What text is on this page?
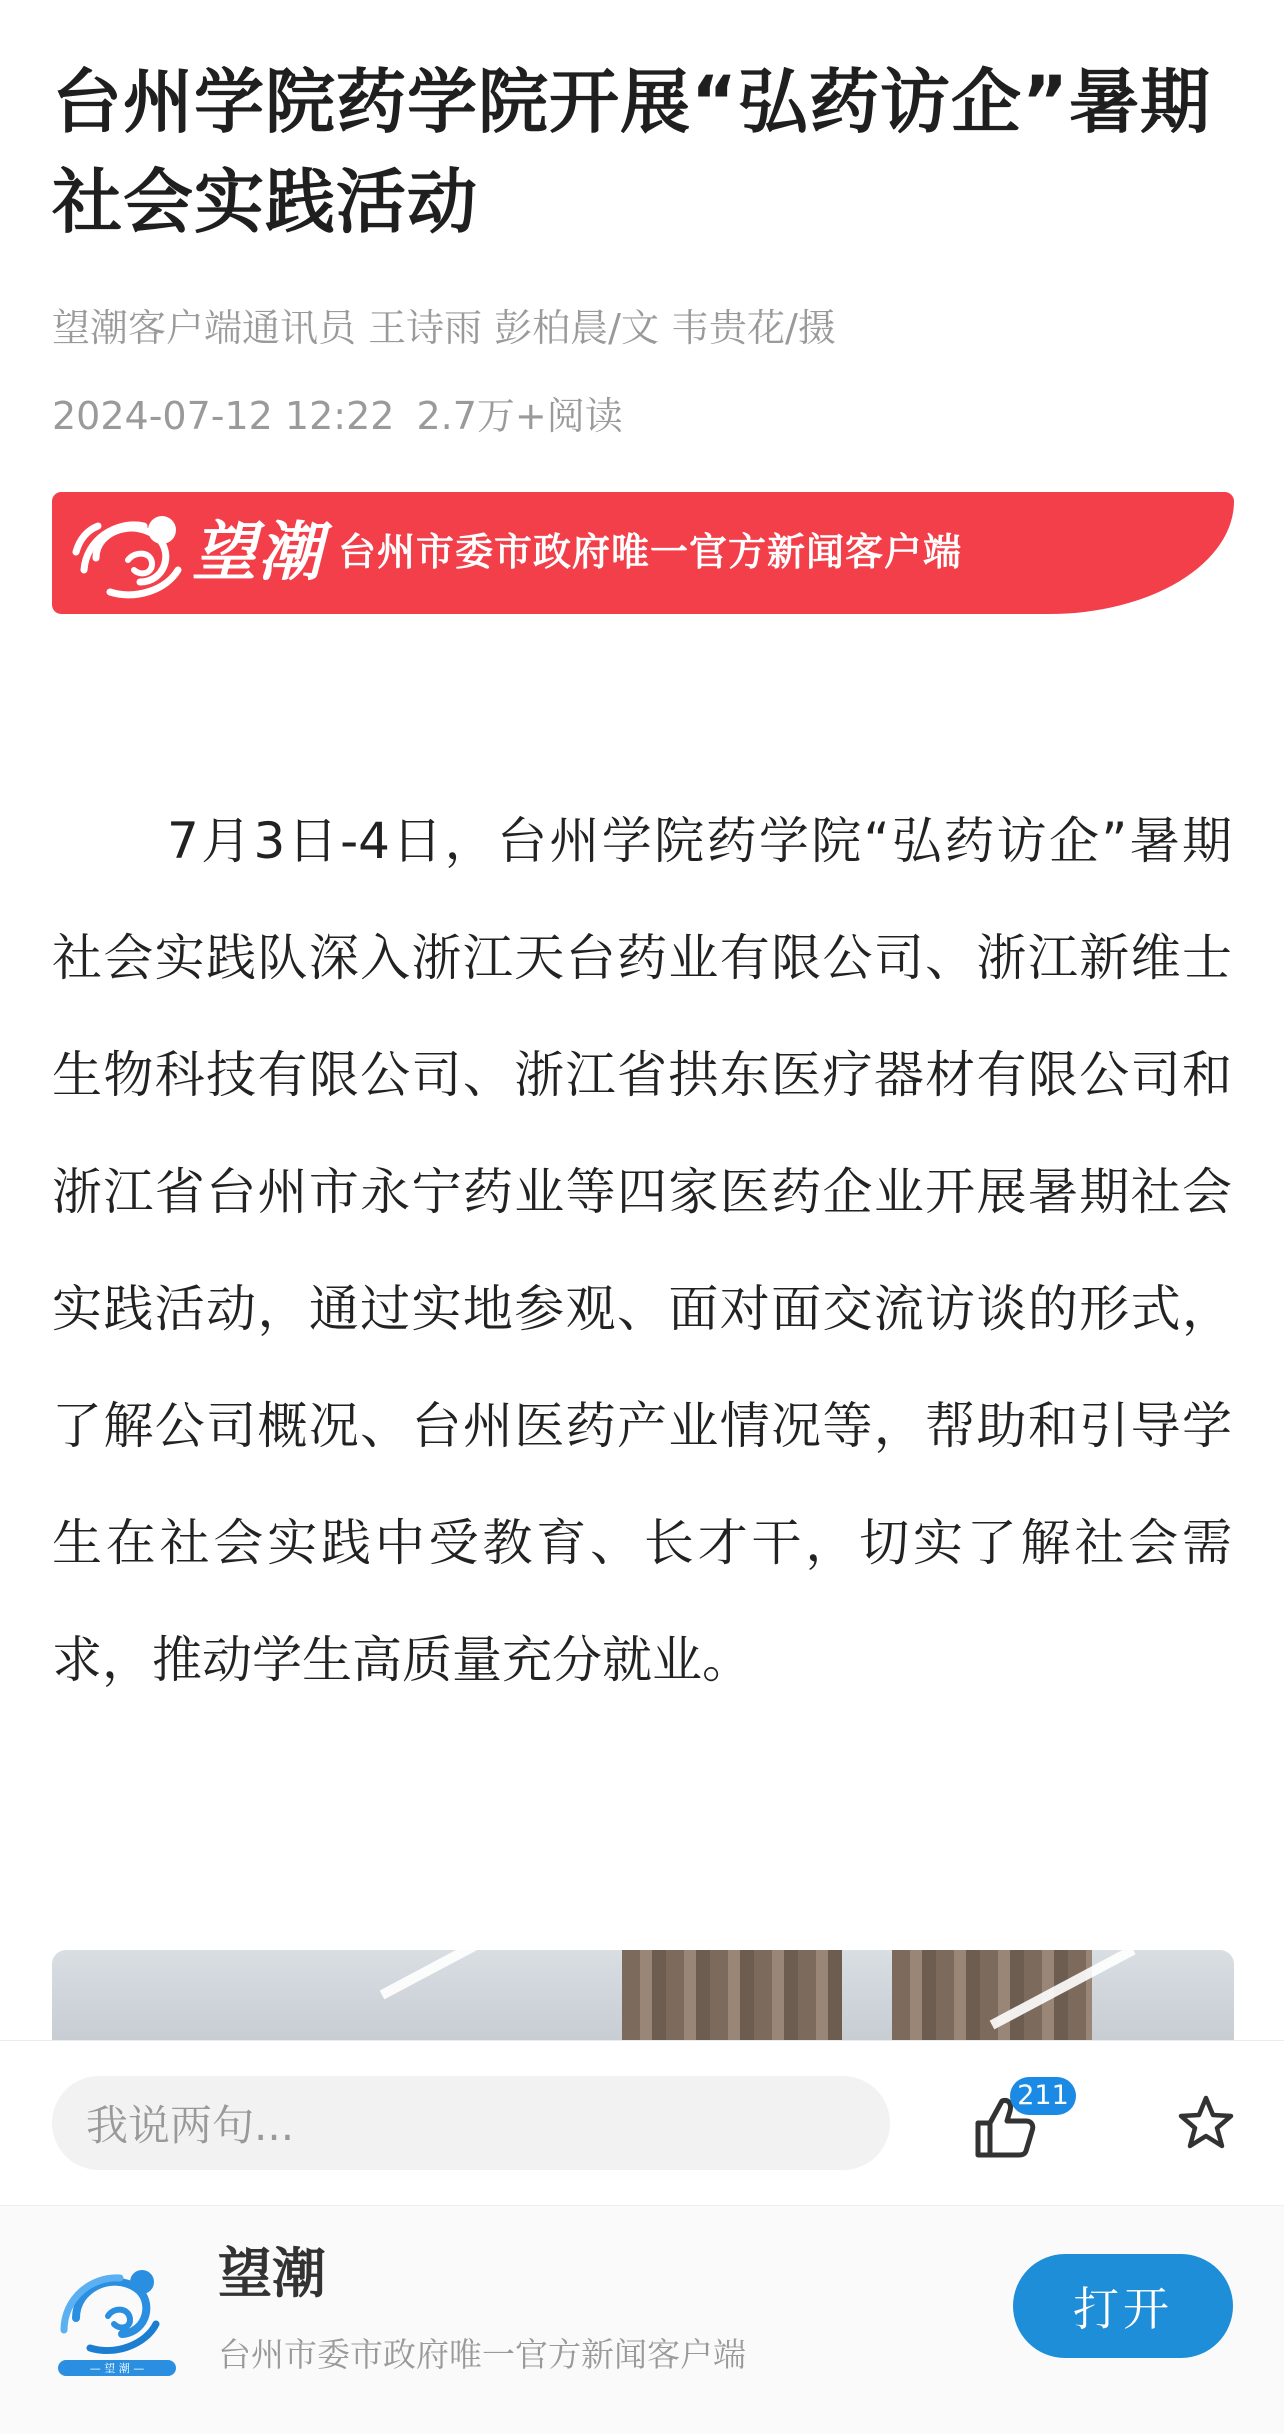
台州学院药学院开展“弘药访企”暑期社会实践活动
望潮客户端通讯员 王诗雨 彭柏晨/文 韦贵花/摄
2024-07-12 12:22 2.7万+阅读
望潮 台州市委市政府唯一官方新闻客户端

7月3日-4日，台州学院药学院“弘药访企”暑期社会实践队深入浙江天台药业有限公司、浙江新维士生物科技有限公司、浙江省拱东医疗器材有限公司和浙江省台州市永宁药业等四家医药企业开展暑期社会实践活动，通过实地参观、面对面交流访谈的形式，了解公司概况、台州医药产业情况等，帮助和引导学生在社会实践中受教育、长才干，切实了解社会需求，推动学生高质量充分就业。

我说两句...
211
— 望 潮 —
望潮
台州市委市政府唯一官方新闻客户端
打开
